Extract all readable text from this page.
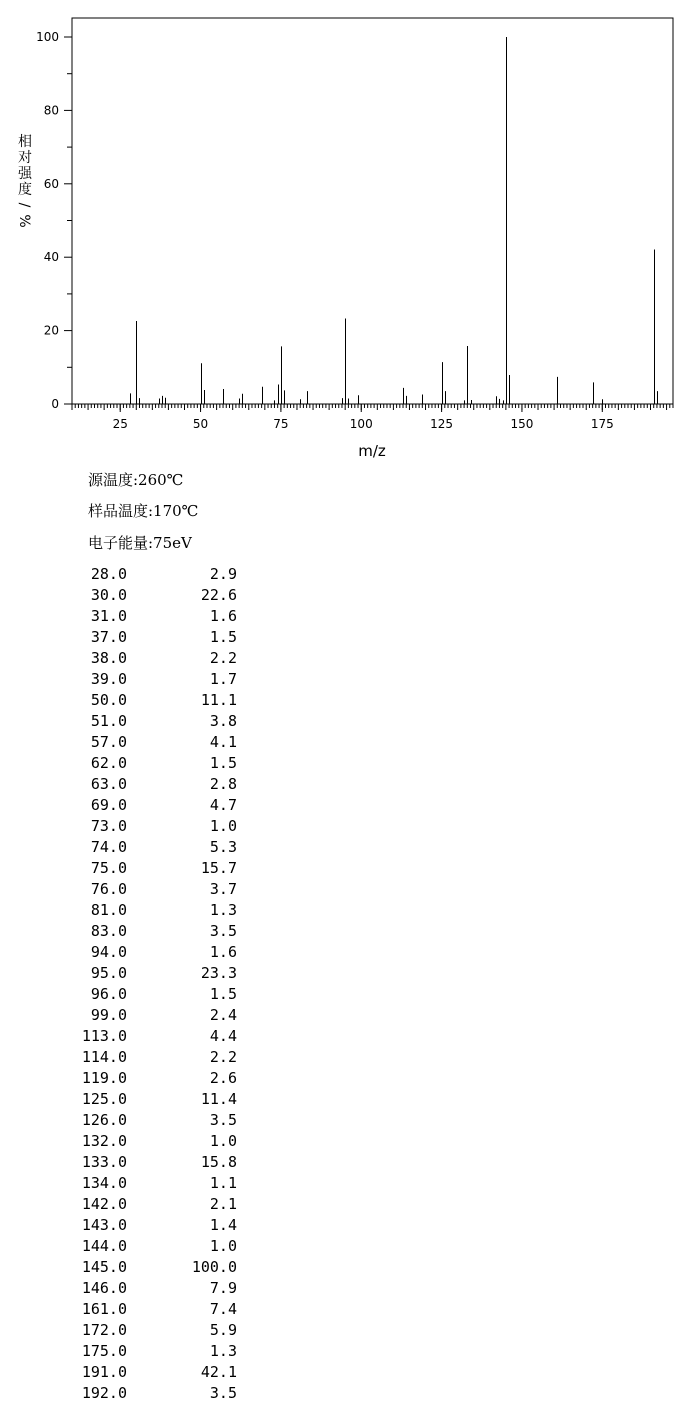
0
20
40
60
80
100
25	50	75	100	125	150	175
相
对
强
度
/
%
m/z
源温度:260℃
样品温度:170℃
电子能量:75eV
28.0	2.9
30.0	22.6
31.0	1.6
37.0	1.5
38.0	2.2
39.0	1.7
50.0	11.1
51.0	3.8
57.0	4.1
62.0	1.5
63.0	2.8
69.0	4.7
73.0	1.0
74.0	5.3
75.0	15.7
76.0	3.7
81.0	1.3
83.0	3.5
94.0	1.6
95.0	23.3
96.0	1.5
99.0	2.4
113.0	4.4
114.0	2.2
119.0	2.6
125.0	11.4
126.0	3.5
132.0	1.0
133.0	15.8
134.0	1.1
142.0	2.1
143.0	1.4
144.0	1.0
145.0	100.0
146.0	7.9
161.0	7.4
172.0	5.9
175.0	1.3
191.0	42.1
192.0	3.5
